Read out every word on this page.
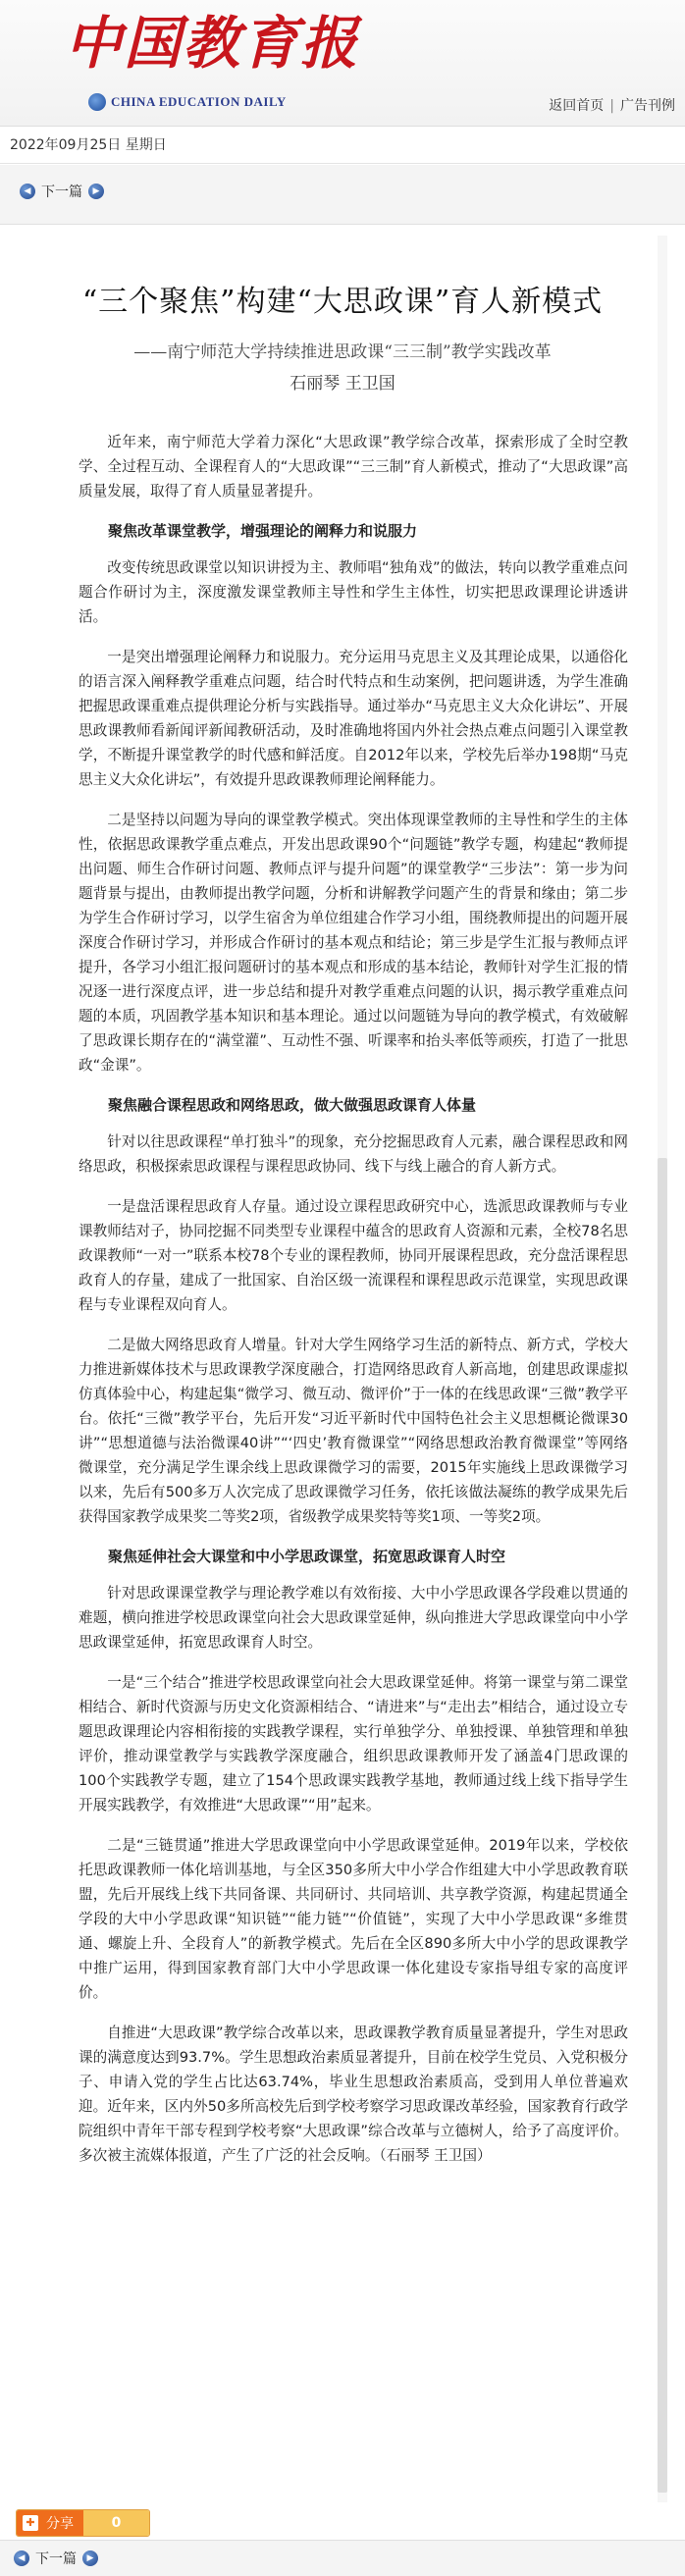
中国教育报
CHINA EDUCATION DAILY	返回首页 | 广告刊例
2022年09月25日 星期日
◀ 下一篇	▶
“三个聚焦”构建“大思政课”育人新模式
——南宁师范大学持续推进思政课“三三制”教学实践改革
石丽琴 王卫国

近年来，南宁师范大学着力深化“大思政课”教学综合改革，探索形成了全时空教学、全过程互动、全课程育人的“大思政课”“三三制”育人新模式，推动了“大思政课”高质量发展，取得了育人质量显著提升。

聚焦改革课堂教学，增强理论的阐释力和说服力

改变传统思政课堂以知识讲授为主、教师唱“独角戏”的做法，转向以教学重难点问题合作研讨为主，深度激发课堂教师主导性和学生主体性，切实把思政课理论讲透讲活。

一是突出增强理论阐释力和说服力。充分运用马克思主义及其理论成果，以通俗化的语言深入阐释教学重难点问题，结合时代特点和生动案例，把问题讲透，为学生准确把握思政课重难点提供理论分析与实践指导。通过举办“马克思主义大众化讲坛”、开展思政课教师看新闻评新闻教研活动，及时准确地将国内外社会热点难点问题引入课堂教学，不断提升课堂教学的时代感和鲜活度。自2012年以来，学校先后举办198期“马克思主义大众化讲坛”，有效提升思政课教师理论阐释能力。

二是坚持以问题为导向的课堂教学模式。突出体现课堂教师的主导性和学生的主体性，依据思政课教学重点难点，开发出思政课90个“问题链”教学专题，构建起“教师提出问题、师生合作研讨问题、教师点评与提升问题”的课堂教学“三步法”：第一步为问题背景与提出，由教师提出教学问题，分析和讲解教学问题产生的背景和缘由；第二步为学生合作研讨学习，以学生宿舍为单位组建合作学习小组，围绕教师提出的问题开展深度合作研讨学习，并形成合作研讨的基本观点和结论；第三步是学生汇报与教师点评提升，各学习小组汇报问题研讨的基本观点和形成的基本结论，教师针对学生汇报的情况逐一进行深度点评，进一步总结和提升对教学重难点问题的认识，揭示教学重难点问题的本质，巩固教学基本知识和基本理论。通过以问题链为导向的教学模式，有效破解了思政课长期存在的“满堂灌”、互动性不强、听课率和抬头率低等顽疾，打造了一批思政“金课”。

聚焦融合课程思政和网络思政，做大做强思政课育人体量

针对以往思政课程“单打独斗”的现象，充分挖掘思政育人元素，融合课程思政和网络思政，积极探索思政课程与课程思政协同、线下与线上融合的育人新方式。

一是盘活课程思政育人存量。通过设立课程思政研究中心，选派思政课教师与专业课教师结对子，协同挖掘不同类型专业课程中蕴含的思政育人资源和元素，全校78名思政课教师“一对一”联系本校78个专业的课程教师，协同开展课程思政，充分盘活课程思政育人的存量，建成了一批国家、自治区级一流课程和课程思政示范课堂，实现思政课程与专业课程双向育人。

二是做大网络思政育人增量。针对大学生网络学习生活的新特点、新方式，学校大力推进新媒体技术与思政课教学深度融合，打造网络思政育人新高地，创建思政课虚拟仿真体验中心，构建起集“微学习、微互动、微评价”于一体的在线思政课“三微”教学平台。依托“三微”教学平台，先后开发“习近平新时代中国特色社会主义思想概论微课30讲”“思想道德与法治微课40讲”“‘四史’教育微课堂”“网络思想政治教育微课堂”等网络微课堂，充分满足学生课余线上思政课微学习的需要，2015年实施线上思政课微学习以来，先后有500多万人次完成了思政课微学习任务，依托该做法凝练的教学成果先后获得国家教学成果奖二等奖2项，省级教学成果奖特等奖1项、一等奖2项。

聚焦延伸社会大课堂和中小学思政课堂，拓宽思政课育人时空

针对思政课课堂教学与理论教学难以有效衔接、大中小学思政课各学段难以贯通的难题，横向推进学校思政课堂向社会大思政课堂延伸，纵向推进大学思政课堂向中小学思政课堂延伸，拓宽思政课育人时空。

一是“三个结合”推进学校思政课堂向社会大思政课堂延伸。将第一课堂与第二课堂相结合、新时代资源与历史文化资源相结合、“请进来”与“走出去”相结合，通过设立专题思政课理论内容相衔接的实践教学课程，实行单独学分、单独授课、单独管理和单独评价，推动课堂教学与实践教学深度融合，组织思政课教师开发了涵盖4门思政课的100个实践教学专题，建立了154个思政课实践教学基地，教师通过线上线下指导学生开展实践教学，有效推进“大思政课”“用”起来。

二是“三链贯通”推进大学思政课堂向中小学思政课堂延伸。2019年以来，学校依托思政课教师一体化培训基地，与全区350多所大中小学合作组建大中小学思政教育联盟，先后开展线上线下共同备课、共同研讨、共同培训、共享教学资源，构建起贯通全学段的大中小学思政课“知识链”“能力链”“价值链”，实现了大中小学思政课“多维贯通、螺旋上升、全段育人”的新教学模式。先后在全区890多所大中小学的思政课教学中推广运用，得到国家教育部门大中小学思政课一体化建设专家指导组专家的高度评价。

自推进“大思政课”教学综合改革以来，思政课教学教育质量显著提升，学生对思政课的满意度达到93.7%。学生思想政治素质显著提升，目前在校学生党员、入党积极分子、申请入党的学生占比达63.74%，毕业生思想政治素质高，受到用人单位普遍欢迎。近年来，区内外50多所高校先后到学校考察学习思政课改革经验，国家教育行政学院组织中青年干部专程到学校考察“大思政课”综合改革与立德树人，给予了高度评价。多次被主流媒体报道，产生了广泛的社会反响。（石丽琴 王卫国）

✚ 分享	0
◀ 下一篇	▶
